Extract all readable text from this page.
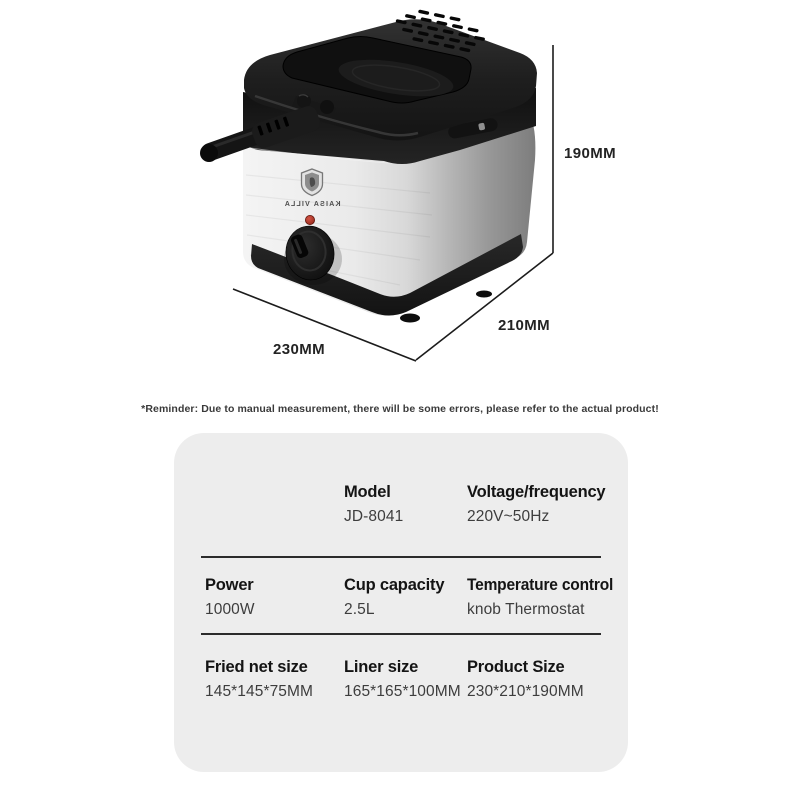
KAISA VILLA
190MM
210MM
230MM

*Reminder: Due to manual measurement, there will be some errors, please refer to the actual product!

Model
JD-8041
Voltage/frequency
220V~50Hz
Power
1000W
Cup capacity
2.5L
Temperature control
knob Thermostat
Fried net size
145*145*75MM
Liner size
165*165*100MM
Product Size
230*210*190MM
